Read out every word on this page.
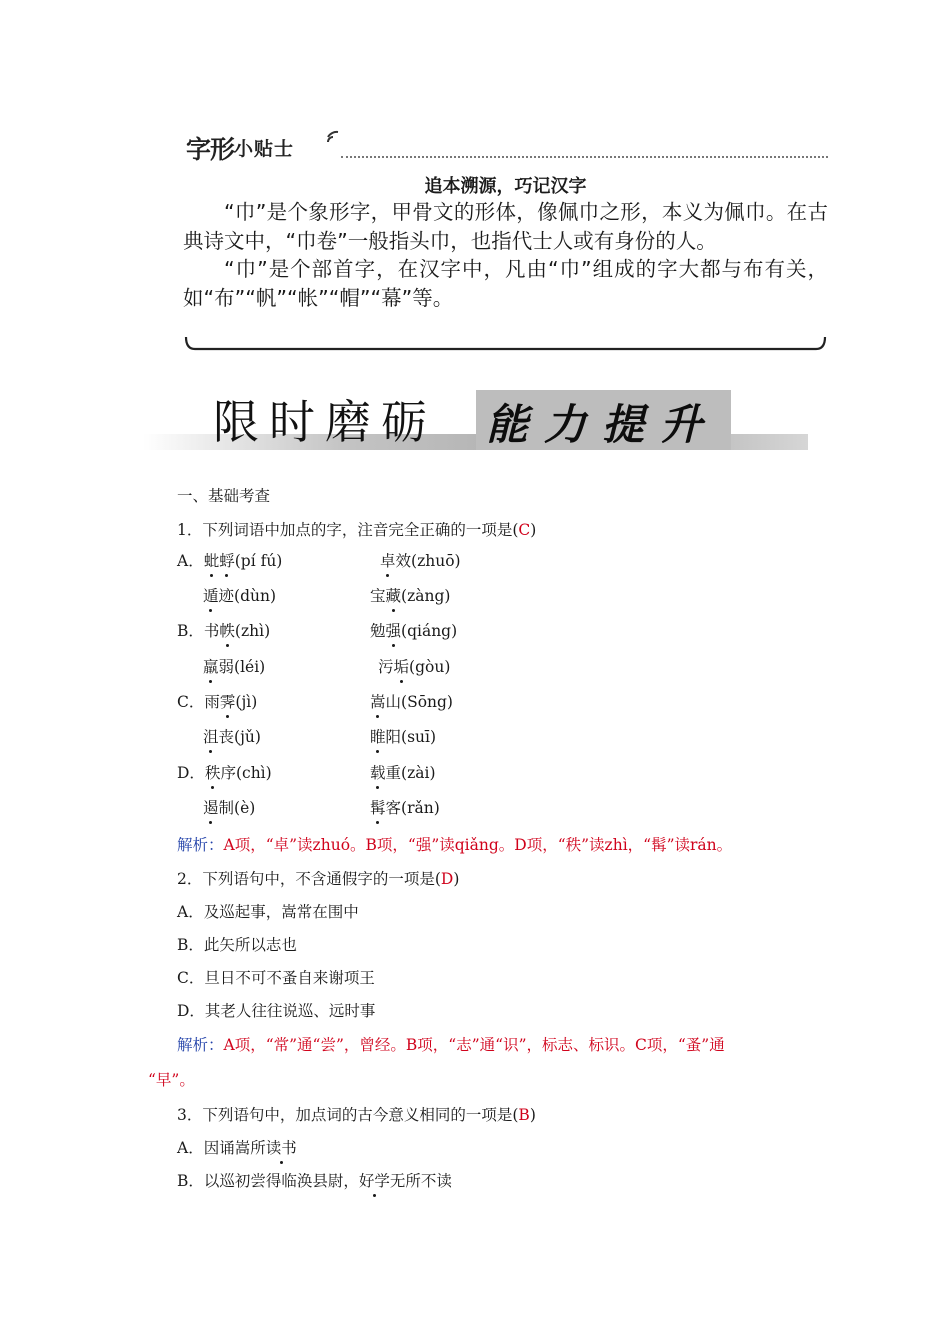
字形小贴士
追本溯源，巧记汉字

“巾”是个象形字，甲骨文的形体，像佩巾之形，本义为佩巾。在古典诗文中，“巾卷”一般指头巾，也指代士人或有身份的人。

“巾”是个部首字，在汉字中，凡由“巾”组成的字大都与布有关，如“布”“帆”“帐”“帽”“幕”等。

能力提升
限时磨砺
一、基础考查
1．下列词语中加点的字，注音完全正确的一项是(C)
A．蚍蜉(pí fú)	卓效(zhuō)
遁迹(dùn)	宝藏(zàng)
B．书帙(zhì)	勉强(qiáng)
羸弱(léi)	污垢(gòu)
C．雨霁(jì)	嵩山(Sōng)
沮丧(jǔ)	睢阳(suī)
D．秩序(chì)	载重(zài)
遏制(è)	髯客(rǎn)
解析：A项，“卓”读zhuó。B项，“强”读qiǎng。D项，“秩”读zhì，“髯”读rán。
2．下列语句中，不含通假字的一项是(D)
A．及巡起事，嵩常在围中
B．此矢所以志也
C．旦日不可不蚤自来谢项王
D．其老人往往说巡、远时事
解析：A项，“常”通“尝”，曾经。B项，“志”通“识”，标志、标识。C项，“蚤”通
“早”。
3．下列语句中，加点词的古今意义相同的一项是(B)
A．因诵嵩所读书
B．以巡初尝得临涣县尉，好学无所不读
